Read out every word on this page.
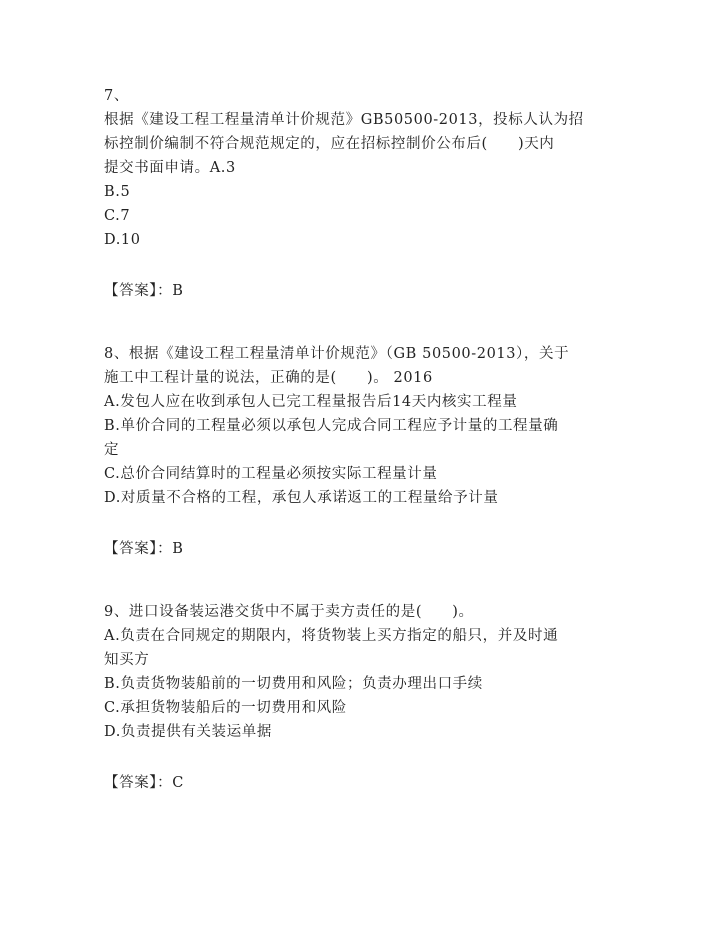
7、
根据《建设工程工程量清单计价规范》GB50500-2013，投标人认为招
标控制价编制不符合规范规定的，应在招标控制价公布后(　　)天内
提交书面申请。A.3
B.5
C.7
D.10
【答案】：B
8、根据《建设工程工程量清单计价规范》（GB 50500-2013），关于
施工中工程计量的说法，正确的是(　　)。 2016
A.发包人应在收到承包人已完工程量报告后14天内核实工程量
B.单价合同的工程量必须以承包人完成合同工程应予计量的工程量确
定
C.总价合同结算时的工程量必须按实际工程量计量
D.对质量不合格的工程，承包人承诺返工的工程量给予计量
【答案】：B
9、进口设备装运港交货中不属于卖方责任的是(　　)。
A.负责在合同规定的期限内，将货物装上买方指定的船只，并及时通
知买方
B.负责货物装船前的一切费用和风险；负责办理出口手续
C.承担货物装船后的一切费用和风险
D.负责提供有关装运单据
【答案】：C
